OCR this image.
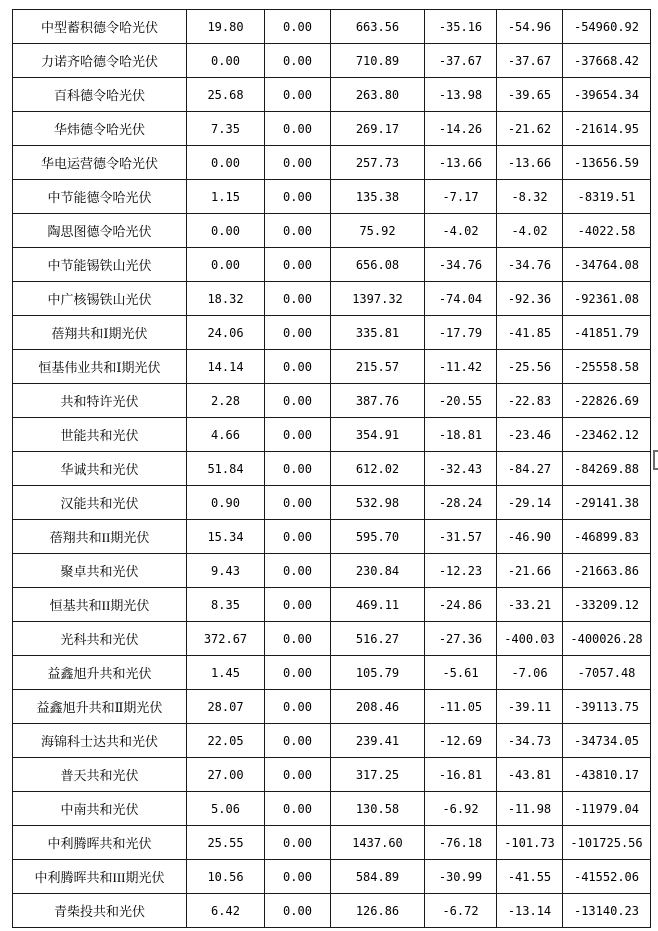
中型蓄积德令哈光伏	19.80	0.00	663.56	-35.16	-54.96	-54960.92
力诺齐哈德令哈光伏	0.00	0.00	710.89	-37.67	-37.67	-37668.42
百科德令哈光伏	25.68	0.00	263.80	-13.98	-39.65	-39654.34
华炜德令哈光伏	7.35	0.00	269.17	-14.26	-21.62	-21614.95
华电运营德令哈光伏	0.00	0.00	257.73	-13.66	-13.66	-13656.59
中节能德令哈光伏	1.15	0.00	135.38	-7.17	-8.32	-8319.51
陶思图德令哈光伏	0.00	0.00	75.92	-4.02	-4.02	-4022.58
中节能锡铁山光伏	0.00	0.00	656.08	-34.76	-34.76	-34764.08
中广核锡铁山光伏	18.32	0.00	1397.32	-74.04	-92.36	-92361.08
蓓翔共和Ⅰ期光伏	24.06	0.00	335.81	-17.79	-41.85	-41851.79
恒基伟业共和Ⅰ期光伏	14.14	0.00	215.57	-11.42	-25.56	-25558.58
共和特许光伏	2.28	0.00	387.76	-20.55	-22.83	-22826.69
世能共和光伏	4.66	0.00	354.91	-18.81	-23.46	-23462.12
华诚共和光伏	51.84	0.00	612.02	-32.43	-84.27	-84269.88
汉能共和光伏	0.90	0.00	532.98	-28.24	-29.14	-29141.38
蓓翔共和II期光伏	15.34	0.00	595.70	-31.57	-46.90	-46899.83
聚卓共和光伏	9.43	0.00	230.84	-12.23	-21.66	-21663.86
恒基共和II期光伏	8.35	0.00	469.11	-24.86	-33.21	-33209.12
光科共和光伏	372.67	0.00	516.27	-27.36	-400.03	-400026.28
益鑫旭升共和光伏	1.45	0.00	105.79	-5.61	-7.06	-7057.48
益鑫旭升共和Ⅱ期光伏	28.07	0.00	208.46	-11.05	-39.11	-39113.75
海锦科士达共和光伏	22.05	0.00	239.41	-12.69	-34.73	-34734.05
普天共和光伏	27.00	0.00	317.25	-16.81	-43.81	-43810.17
中南共和光伏	5.06	0.00	130.58	-6.92	-11.98	-11979.04
中利腾晖共和光伏	25.55	0.00	1437.60	-76.18	-101.73	-101725.56
中利腾晖共和III期光伏	10.56	0.00	584.89	-30.99	-41.55	-41552.06
青柴投共和光伏	6.42	0.00	126.86	-6.72	-13.14	-13140.23
